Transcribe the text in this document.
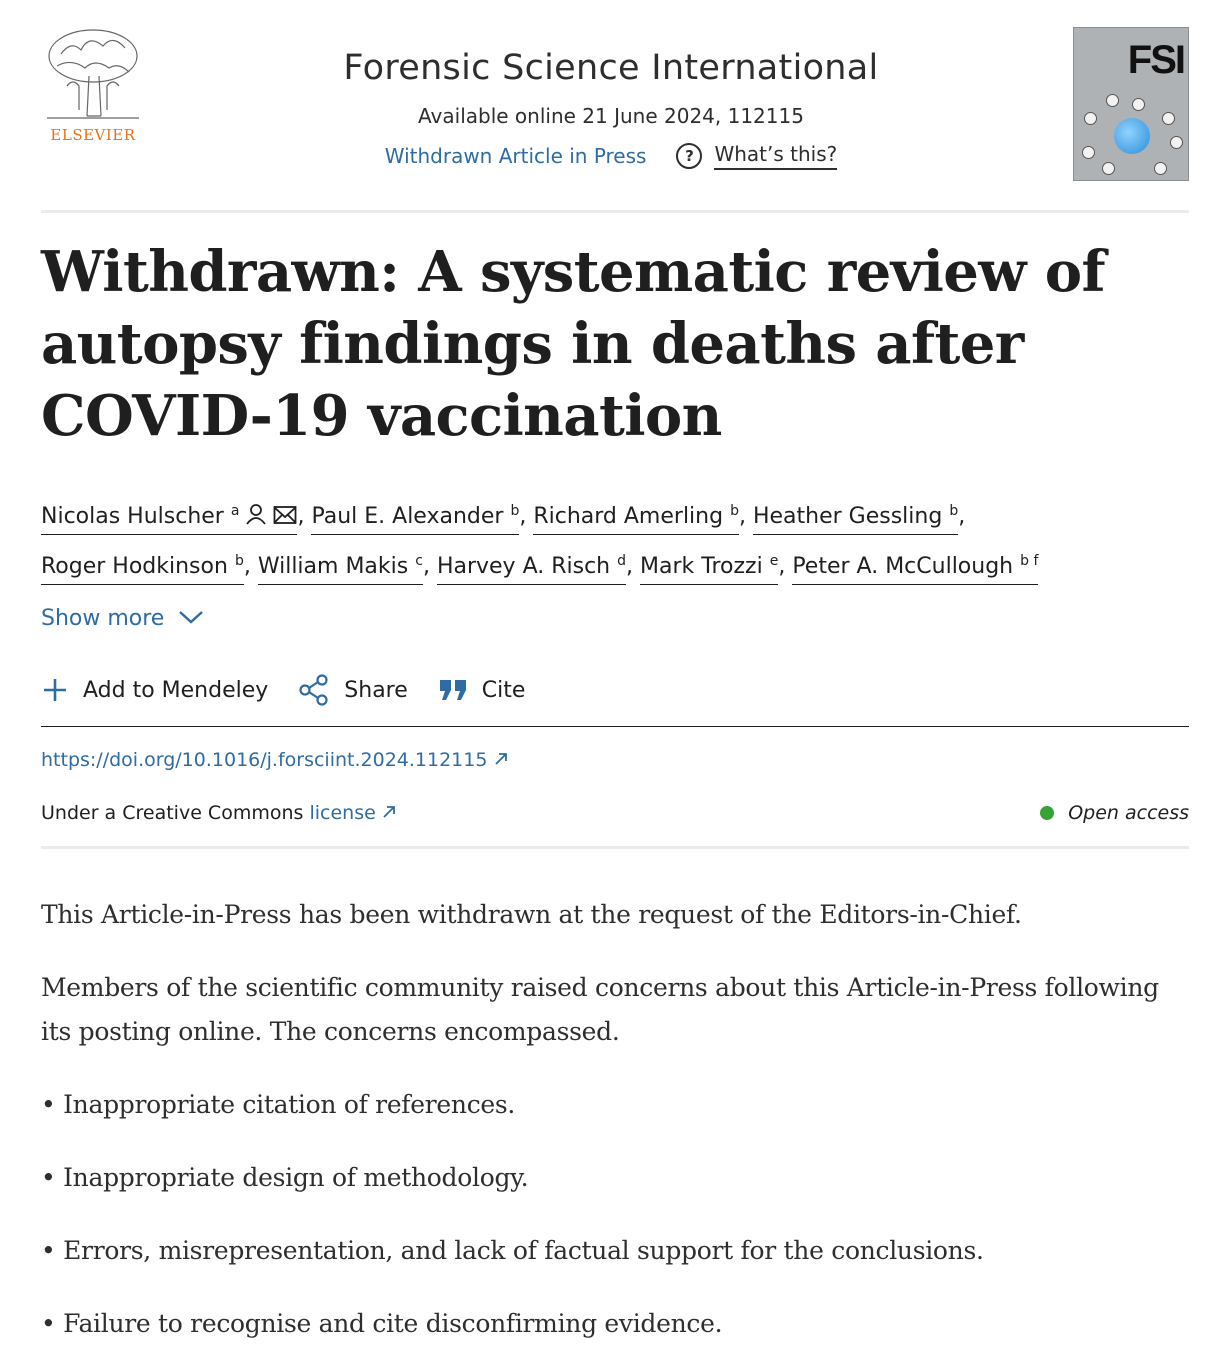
ELSEVIER
Forensic Science International
Available online 21 June 2024, 112115
Withdrawn Article in Press	?	What’s this?
FSI
Withdrawn: A systematic review of autopsy findings in deaths after COVID-19 vaccination
Nicolas Hulscher $^a$	, Paul E. Alexander $^b$, Richard Amerling $^b$, Heather Gessling $^b$,
Roger Hodkinson $^b$, William Makis $^c$, Harvey A. Risch $^d$, Mark Trozzi $^e$, Peter A. McCullough $^{b f}$
Show more
Add to Mendeley	Share	Cite
https://doi.org/10.1016/j.forsciint.2024.112115
Under a Creative Commons license	Open access

This Article-in-Press has been withdrawn at the request of the Editors-in-Chief.

Members of the scientific community raised concerns about this Article-in-Press following its posting online. The concerns encompassed.

• Inappropriate citation of references.

• Inappropriate design of methodology.

• Errors, misrepresentation, and lack of factual support for the conclusions.

• Failure to recognise and cite disconfirming evidence.
